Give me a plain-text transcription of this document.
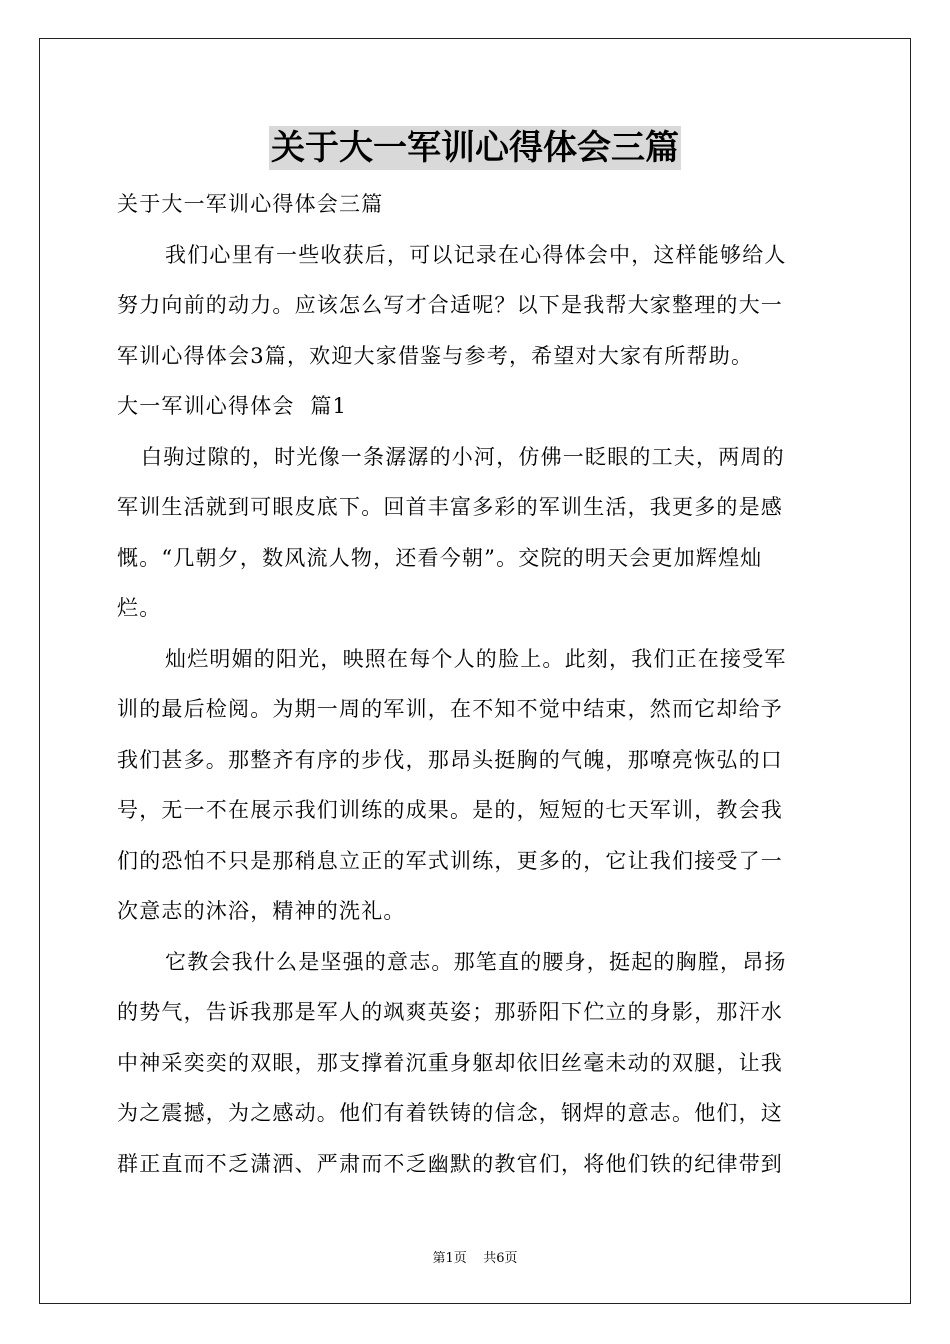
关于大一军训心得体会三篇
关于大一军训心得体会三篇
我们心里有一些收获后，可以记录在心得体会中，这样能够给人
努力向前的动力。应该怎么写才合适呢？以下是我帮大家整理的大一
军训心得体会3篇，欢迎大家借鉴与参考，希望对大家有所帮助。
大一军训心得体会  篇1
白驹过隙的，时光像一条潺潺的小河，仿佛一眨眼的工夫，两周的
军训生活就到可眼皮底下。回首丰富多彩的军训生活，我更多的是感
慨。“几朝夕，数风流人物，还看今朝”。交院的明天会更加辉煌灿
烂。
灿烂明媚的阳光，映照在每个人的脸上。此刻，我们正在接受军
训的最后检阅。为期一周的军训，在不知不觉中结束，然而它却给予
我们甚多。那整齐有序的步伐，那昂头挺胸的气魄，那嘹亮恢弘的口
号，无一不在展示我们训练的成果。是的，短短的七天军训，教会我
们的恐怕不只是那稍息立正的军式训练，更多的，它让我们接受了一
次意志的沐浴，精神的洗礼。
它教会我什么是坚强的意志。那笔直的腰身，挺起的胸膛，昂扬
的势气，告诉我那是军人的飒爽英姿；那骄阳下伫立的身影，那汗水
中神采奕奕的双眼，那支撑着沉重身躯却依旧丝毫未动的双腿，让我
为之震撼，为之感动。他们有着铁铸的信念，钢焊的意志。他们，这
群正直而不乏潇洒、严肃而不乏幽默的教官们，将他们铁的纪律带到
第1页    共6页
